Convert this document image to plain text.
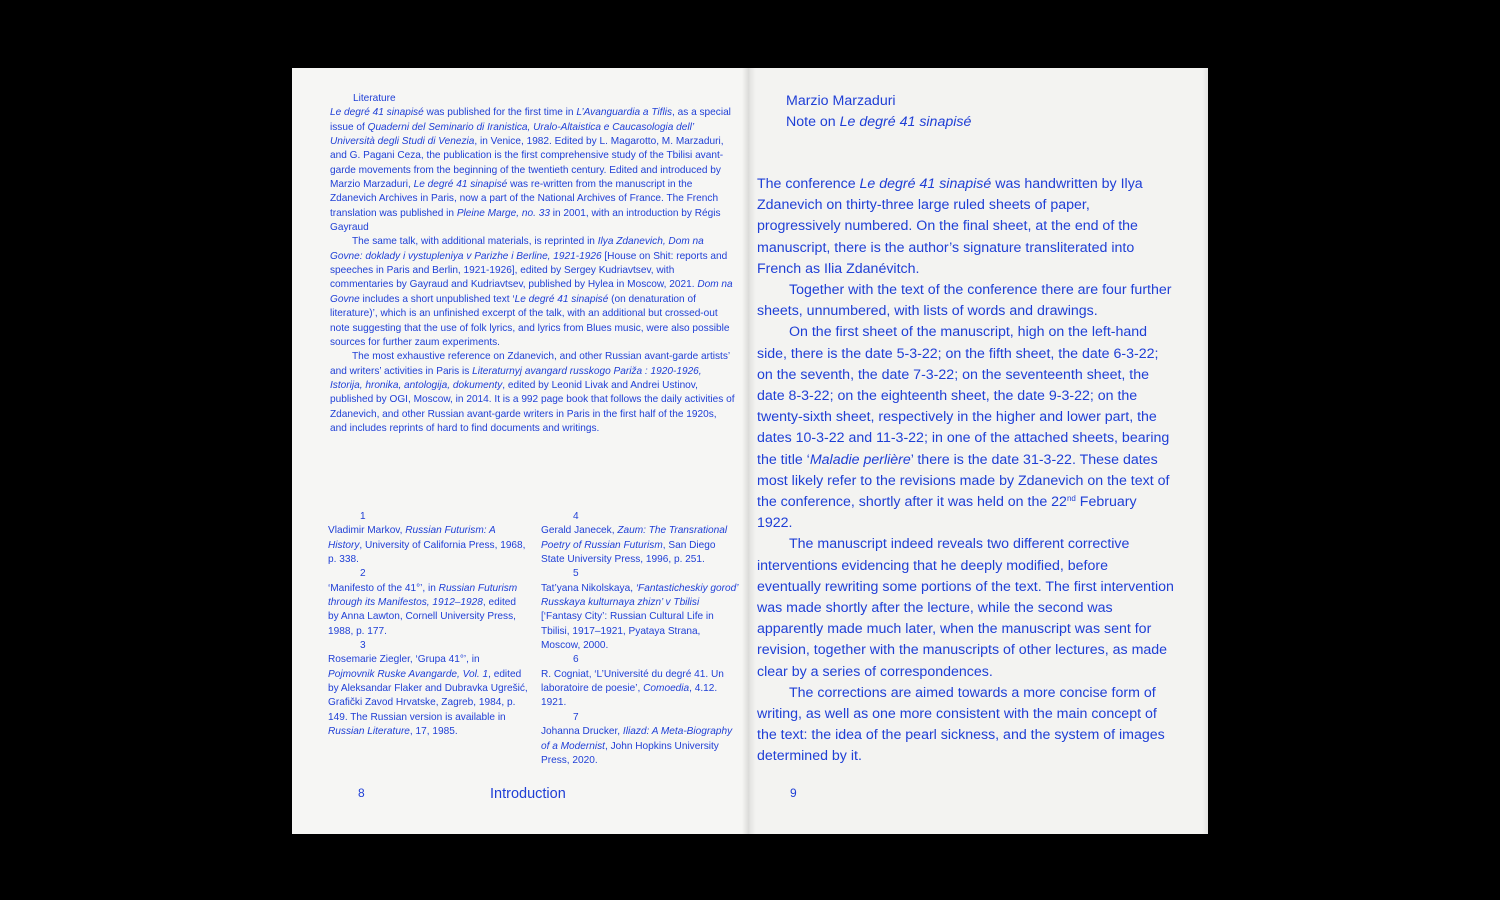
Literature

Le degré 41 sinapisé was published for the first time in L’Avanguardia a Tiflis, as a special issue of Quaderni del Seminario di Iranistica, Uralo-Altaistica e Caucasologia dell’ Università degli Studi di Venezia, in Venice, 1982. Edited by L. Magarotto, M. Marzaduri, and G. Pagani Ceza, the publication is the first comprehensive study of the Tbilisi avant-garde movements from the beginning of the twentieth century. Edited and introduced by Marzio Marzaduri, Le degré 41 sinapisé was re-written from the manuscript in the Zdanevich Archives in Paris, now a part of the National Archives of France. The French translation was published in Pleine Marge, no. 33 in 2001, with an introduction by Régis Gayraud

The same talk, with additional materials, is reprinted in Ilya Zdanevich, Dom na Govne: doklady i vystupleniya v Parizhe i Berline, 1921-1926 [House on Shit: reports and speeches in Paris and Berlin, 1921-1926], edited by Sergey Kudriavtsev, with commentaries by Gayraud and Kudriavtsev, published by Hylea in Moscow, 2021. Dom na Govne includes a short unpublished text ‘Le degré 41 sinapisé (on denaturation of literature)’, which is an unfinished excerpt of the talk, with an additional but crossed-out note suggesting that the use of folk lyrics, and lyrics from Blues music, were also possible sources for further zaum experiments.

The most exhaustive reference on Zdanevich, and other Russian avant-garde artists’ and writers’ activities in Paris is Literaturnyj avangard russkogo Pariža : 1920-1926, Istorija, hronika, antologija, dokumenty, edited by Leonid Livak and Andrei Ustinov, published by OGI, Moscow, in 2014. It is a 992 page book that follows the daily activities of Zdanevich, and other Russian avant-garde writers in Paris in the first half of the 1920s, and includes reprints of hard to find documents and writings.

1
Vladimir Markov, Russian Futurism: A History, University of California Press, 1968, p. 338.
2
‘Manifesto of the 41°’, in Russian Futurism through its Manifestos, 1912–1928, edited by Anna Lawton, Cornell University Press, 1988, p. 177.
3
Rosemarie Ziegler, ‘Grupa 41°’, in Pojmovnik Ruske Avangarde, Vol. 1, edited by Aleksandar Flaker and Dubravka Ugrešić, Grafički Zavod Hrvatske, Zagreb, 1984, p. 149. The Russian version is available in Russian Literature, 17, 1985.
4
Gerald Janecek, Zaum: The Transrational Poetry of Russian Futurism, San Diego State University Press, 1996, p. 251.
5
Tat’yana Nikolskaya, ‘Fantasticheskiy gorod’ Russkaya kulturnaya zhizn’ v Tbilisi [‘Fantasy City’: Russian Cultural Life in Tbilisi, 1917–1921, Pyataya Strana, Moscow, 2000.
6
R. Cogniat, ‘L’Université du degré 41. Un laboratoire de poesie’, Comoedia, 4.12. 1921.
7
Johanna Drucker, Iliazd: A Meta-Biography of a Modernist, John Hopkins University Press, 2020.
8	Introduction
Marzio Marzaduri
Note on Le degré 41 sinapisé

The conference Le degré 41 sinapisé was handwritten by Ilya Zdanevich on thirty-three large ruled sheets of paper, progressively numbered. On the final sheet, at the end of the manuscript, there is the author’s signature transliterated into French as Ilia Zdanévitch.

Together with the text of the conference there are four further sheets, unnumbered, with lists of words and drawings.

On the first sheet of the manuscript, high on the left-hand side, there is the date 5-3-22; on the fifth sheet, the date 6-3-22; on the seventh, the date 7-3-22; on the seventeenth sheet, the date 8-3-22; on the eighteenth sheet, the date 9-3-22; on the twenty-sixth sheet, respectively in the higher and lower part, the dates 10-3-22 and 11-3-22; in one of the attached sheets, bearing the title ‘Maladie perlière’ there is the date 31-3-22. These dates most likely refer to the revisions made by Zdanevich on the text of the conference, shortly after it was held on the 22nd February 1922.

The manuscript indeed reveals two different corrective interventions evidencing that he deeply modified, before eventually rewriting some portions of the text. The first intervention was made shortly after the lecture, while the second was apparently made much later, when the manuscript was sent for revision, together with the manuscripts of other lectures, as made clear by a series of correspondences.

The corrections are aimed towards a more concise form of writing, as well as one more consistent with the main concept of the text: the idea of the pearl sickness, and the system of images determined by it.

9
